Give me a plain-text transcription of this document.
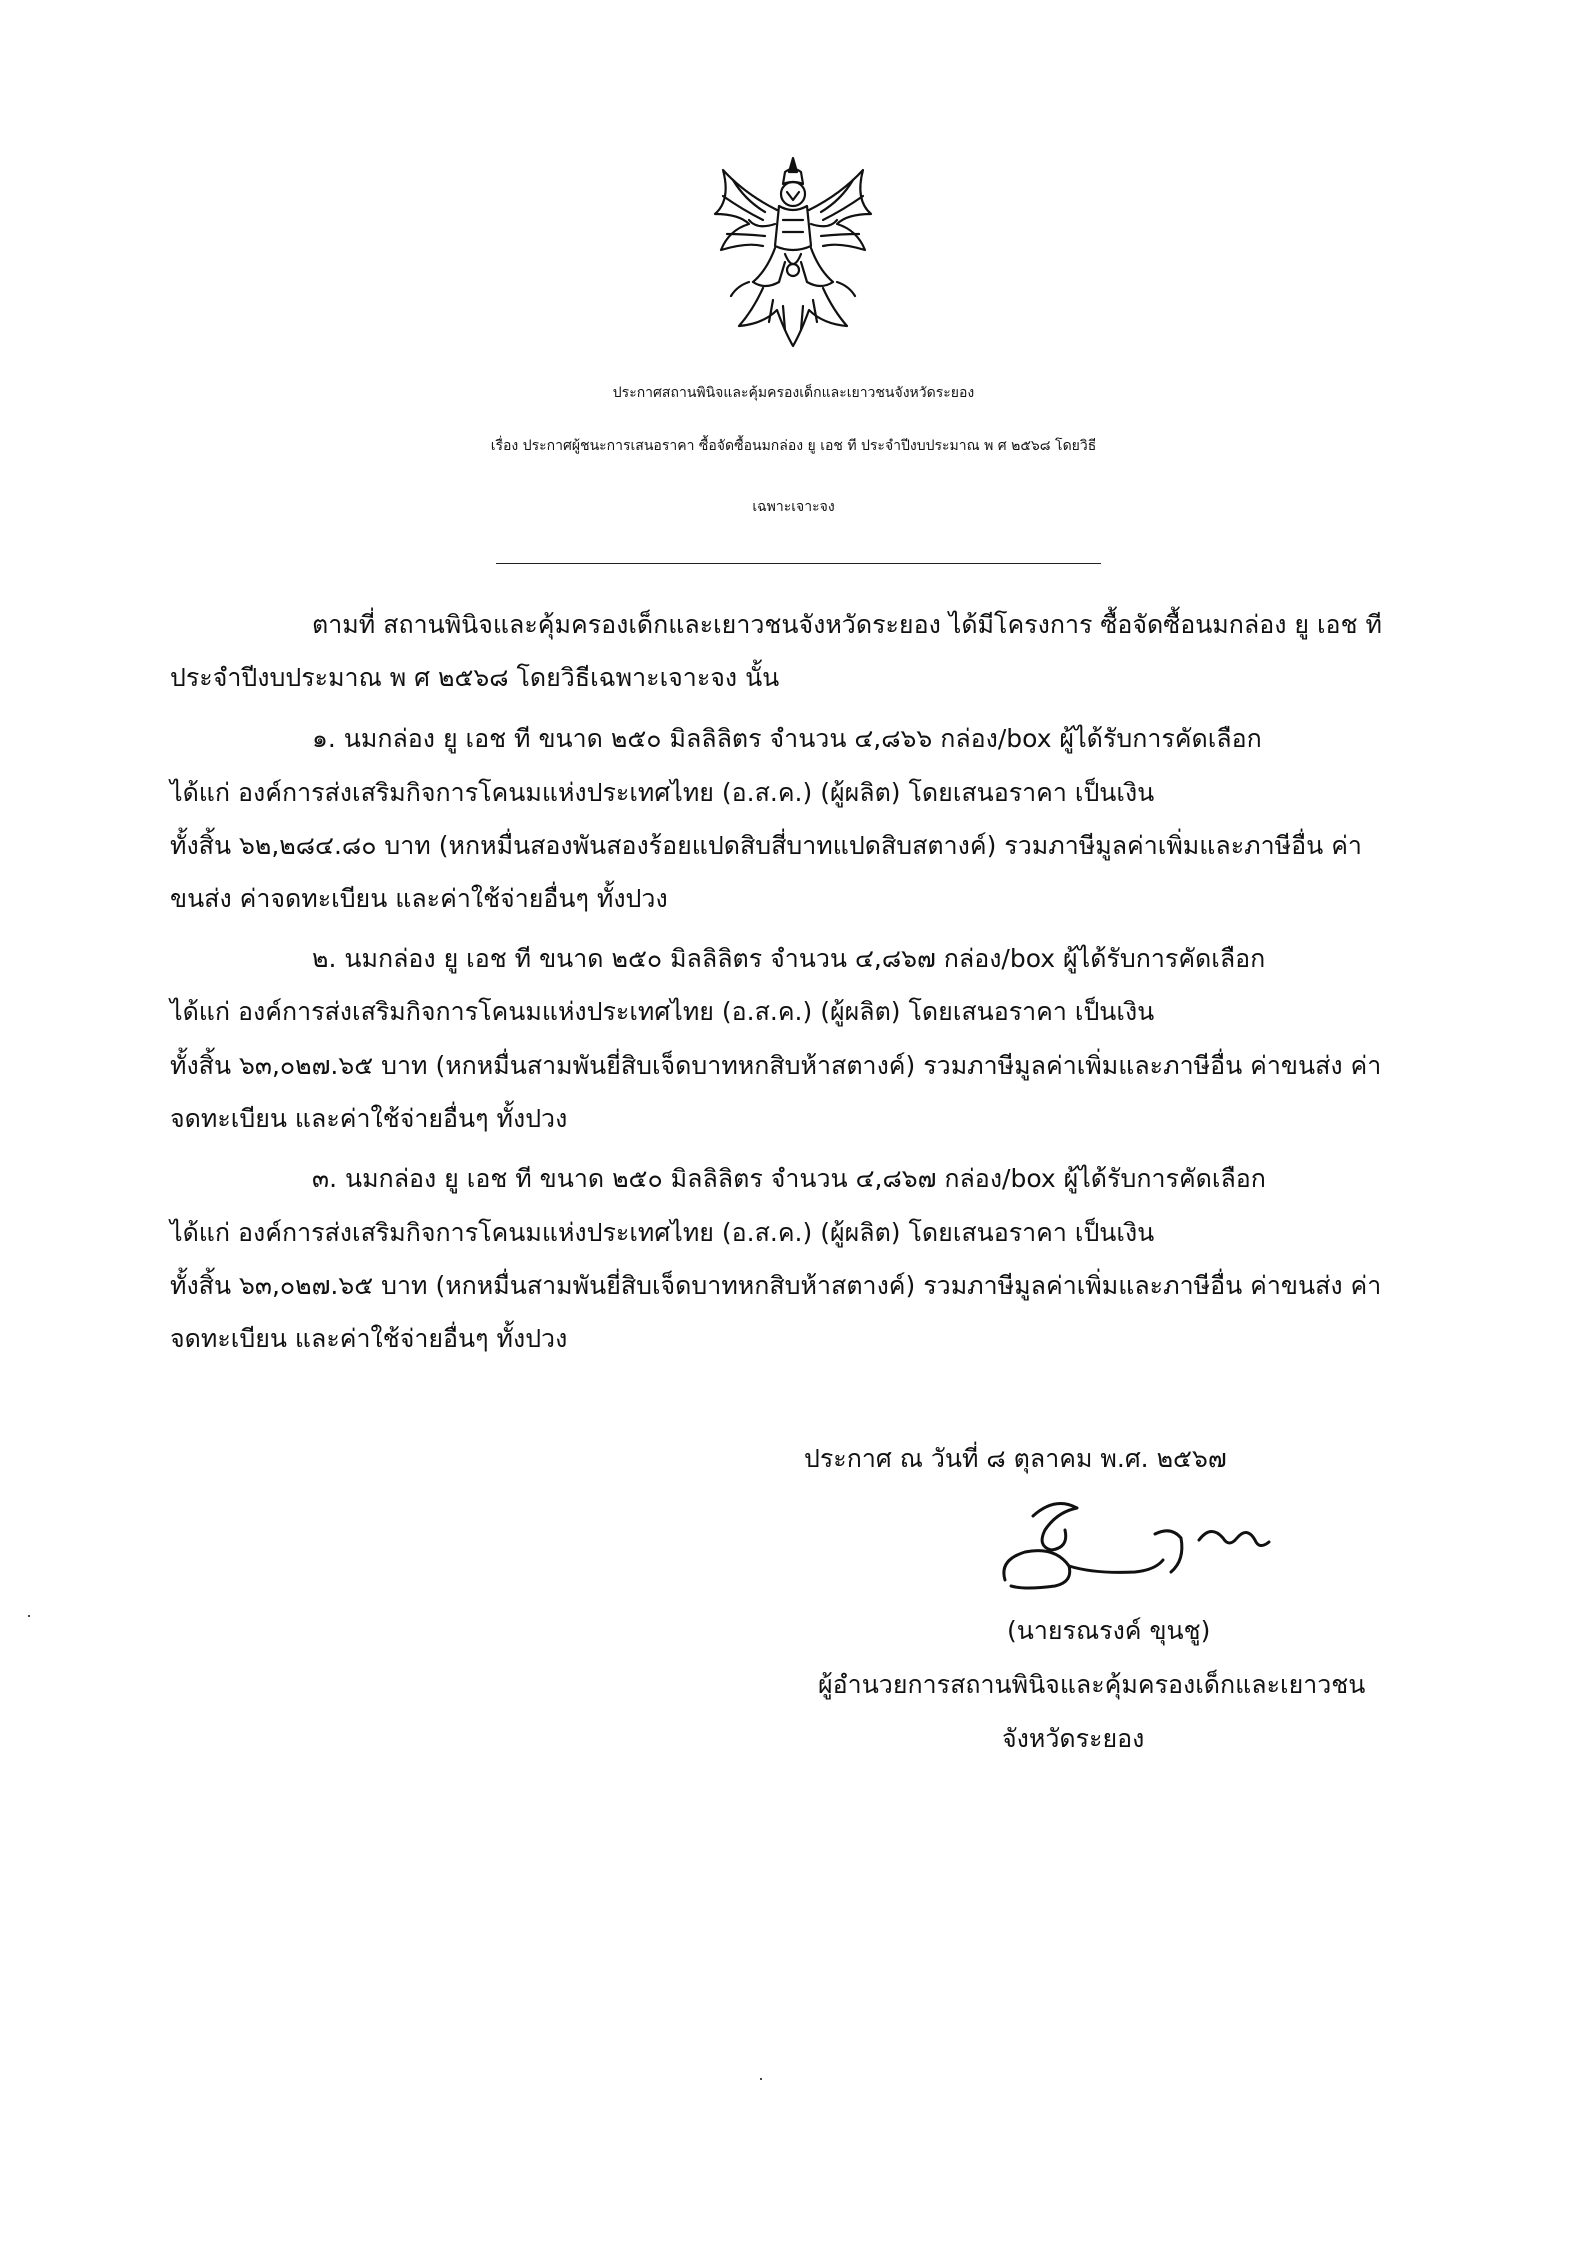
ประกาศสถานพินิจและคุ้มครองเด็กและเยาวชนจังหวัดระยอง
เรื่อง ประกาศผู้ชนะการเสนอราคา ซื้อจัดซื้อนมกล่อง ยู เอช ที ประจำปีงบประมาณ พ ศ ๒๕๖๘ โดยวิธี
เฉพาะเจาะจง
ตามที่ สถานพินิจและคุ้มครองเด็กและเยาวชนจังหวัดระยอง ได้มีโครงการ ซื้อจัดซื้อนมกล่อง ยู เอช ที
ประจำปีงบประมาณ พ ศ ๒๕๖๘ โดยวิธีเฉพาะเจาะจง นั้น
๑. นมกล่อง ยู เอช ที ขนาด ๒๕๐ มิลลิลิตร จำนวน ๔,๘๖๖ กล่อง/box ผู้ได้รับการคัดเลือก
ได้แก่ องค์การส่งเสริมกิจการโคนมแห่งประเทศไทย (อ.ส.ค.) (ผู้ผลิต) โดยเสนอราคา เป็นเงิน
ทั้งสิ้น ๖๒,๒๘๔.๘๐ บาท (หกหมื่นสองพันสองร้อยแปดสิบสี่บาทแปดสิบสตางค์) รวมภาษีมูลค่าเพิ่มและภาษีอื่น ค่า
ขนส่ง ค่าจดทะเบียน และค่าใช้จ่ายอื่นๆ ทั้งปวง
๒. นมกล่อง ยู เอช ที ขนาด ๒๕๐ มิลลิลิตร จำนวน ๔,๘๖๗ กล่อง/box ผู้ได้รับการคัดเลือก
ได้แก่ องค์การส่งเสริมกิจการโคนมแห่งประเทศไทย (อ.ส.ค.) (ผู้ผลิต) โดยเสนอราคา เป็นเงิน
ทั้งสิ้น ๖๓,๐๒๗.๖๕ บาท (หกหมื่นสามพันยี่สิบเจ็ดบาทหกสิบห้าสตางค์) รวมภาษีมูลค่าเพิ่มและภาษีอื่น ค่าขนส่ง ค่า
จดทะเบียน และค่าใช้จ่ายอื่นๆ ทั้งปวง
๓. นมกล่อง ยู เอช ที ขนาด ๒๕๐ มิลลิลิตร จำนวน ๔,๘๖๗ กล่อง/box ผู้ได้รับการคัดเลือก
ได้แก่ องค์การส่งเสริมกิจการโคนมแห่งประเทศไทย (อ.ส.ค.) (ผู้ผลิต) โดยเสนอราคา เป็นเงิน
ทั้งสิ้น ๖๓,๐๒๗.๖๕ บาท (หกหมื่นสามพันยี่สิบเจ็ดบาทหกสิบห้าสตางค์) รวมภาษีมูลค่าเพิ่มและภาษีอื่น ค่าขนส่ง ค่า
จดทะเบียน และค่าใช้จ่ายอื่นๆ ทั้งปวง
ประกาศ ณ วันที่ ๘ ตุลาคม พ.ศ. ๒๕๖๗
(นายรณรงค์ ขุนชู)
ผู้อำนวยการสถานพินิจและคุ้มครองเด็กและเยาวชน
จังหวัดระยอง
